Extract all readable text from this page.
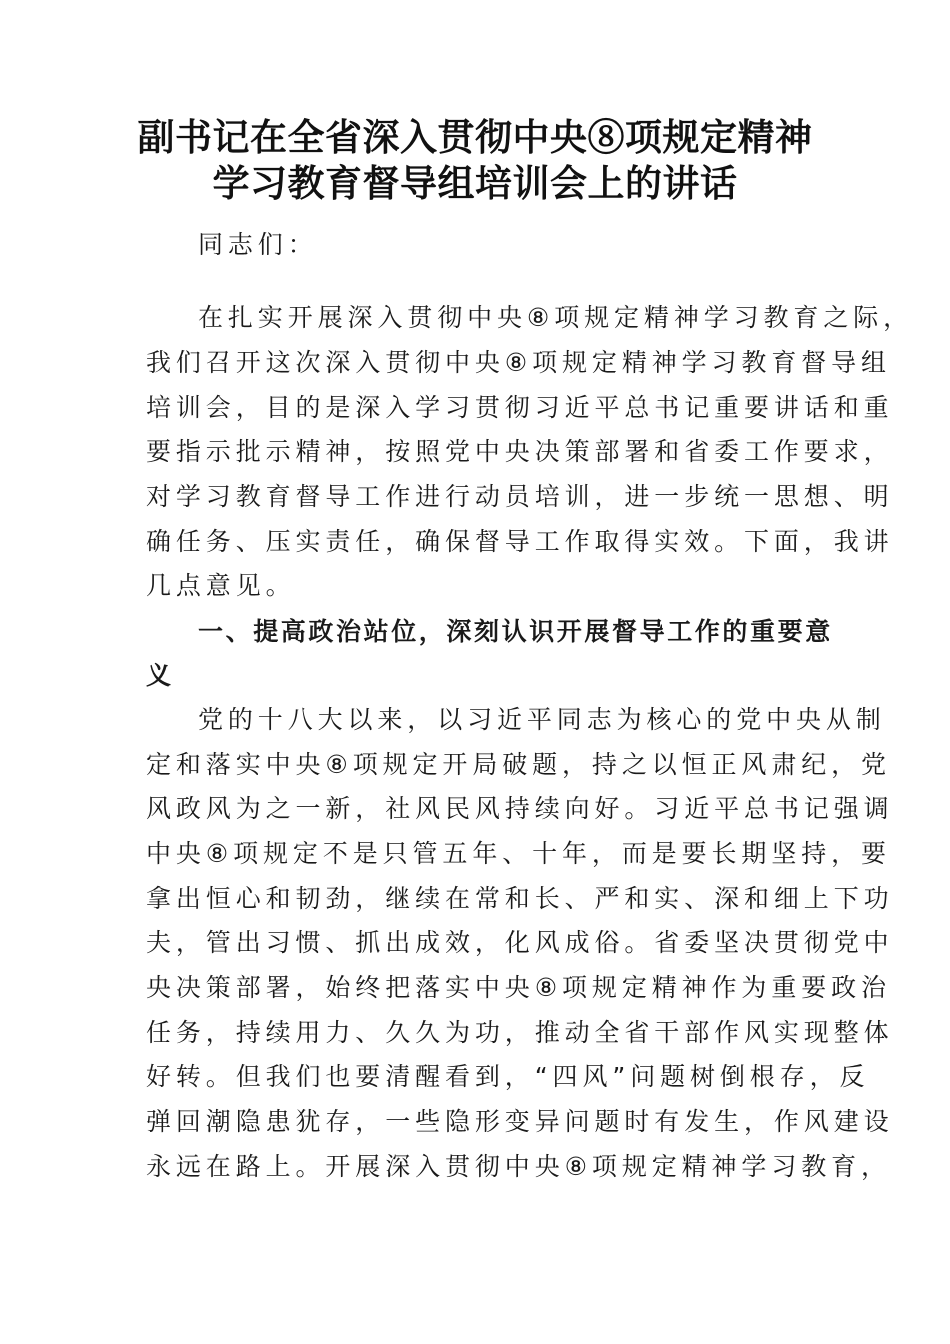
副书记在全省深入贯彻中央⑧项规定精神
学习教育督导组培训会上的讲话
同志们：
在扎实开展深入贯彻中央⑧项规定精神学习教育之际，
我们召开这次深入贯彻中央⑧项规定精神学习教育督导组
培训会，目的是深入学习贯彻习近平总书记重要讲话和重
要指示批示精神，按照党中央决策部署和省委工作要求，
对学习教育督导工作进行动员培训，进一步统一思想、明
确任务、压实责任，确保督导工作取得实效。下面，我讲
几点意见。
一、提高政治站位，深刻认识开展督导工作的重要意
义
党的十八大以来，以习近平同志为核心的党中央从制
定和落实中央⑧项规定开局破题，持之以恒正风肃纪，党
风政风为之一新，社风民风持续向好。习近平总书记强调
中央⑧项规定不是只管五年、十年，而是要长期坚持，要
拿出恒心和韧劲，继续在常和长、严和实、深和细上下功
夫，管出习惯、抓出成效，化风成俗。省委坚决贯彻党中
央决策部署，始终把落实中央⑧项规定精神作为重要政治
任务，持续用力、久久为功，推动全省干部作风实现整体
好转。但我们也要清醒看到，“四风”问题树倒根存，反
弹回潮隐患犹存，一些隐形变异问题时有发生，作风建设
永远在路上。开展深入贯彻中央⑧项规定精神学习教育，
